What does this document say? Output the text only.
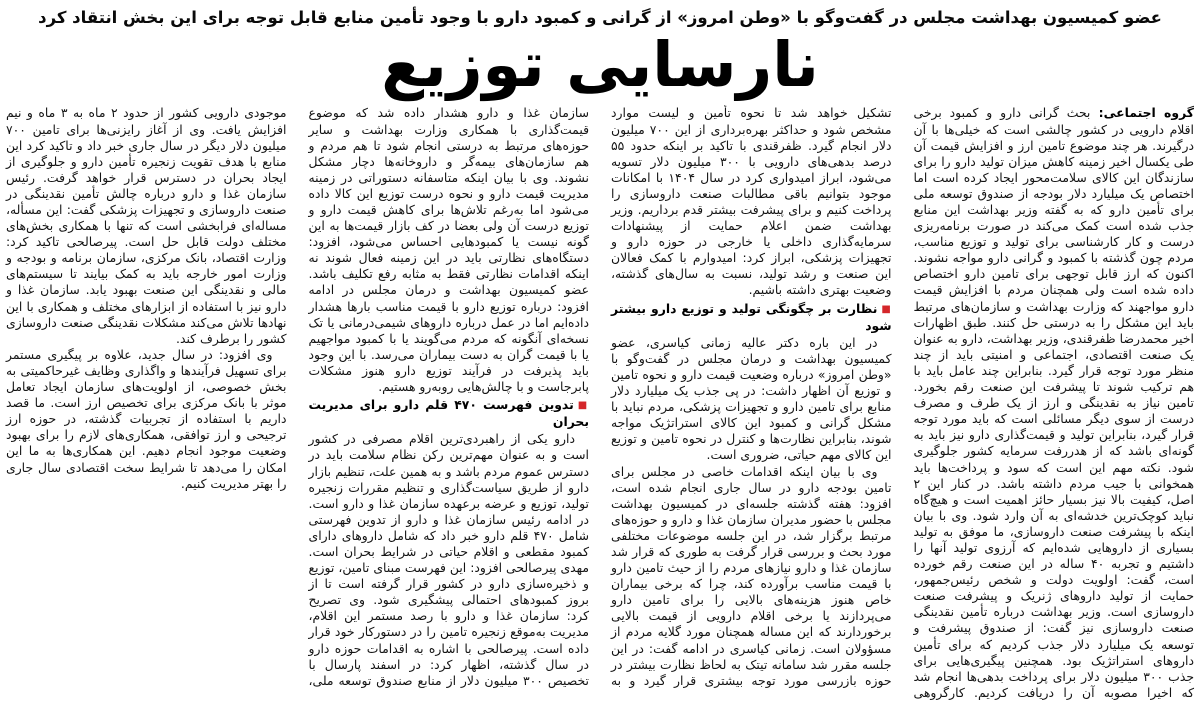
عضو کمیسیون بهداشت مجلس در گفت‌وگو با «وطن امروز» از گرانی و کمبود دارو با وجود تأمین منابع قابل توجه برای این بخش انتقاد کرد
نارسایی توزیع

گروه اجتماعی: بحث گرانی دارو و کمبود برخی اقلام دارویی در کشور چالشی است که خیلی‌ها با آن درگیرند. هر چند موضوع تامین ارز و افزایش قیمت آن طی یکسال اخیر زمینه کاهش میزان تولید دارو را برای سازندگان این کالای سلامت‌محور ایجاد کرده است اما اختصاص یک میلیارد دلار بودجه از صندوق توسعه ملی برای تأمین دارو که به گفته وزیر بهداشت این منابع جذب شده است کمک می‌کند در صورت برنامه‌ریزی درست و کار کارشناسی برای تولید و توزیع مناسب، مردم چون گذشته با کمبود و گرانی دارو مواجه نشوند. اکنون که ارز قابل توجهی برای تامین دارو اختصاص داده شده است ولی همچنان مردم با افزایش قیمت دارو مواجهند که وزارت بهداشت و سازمان‌های مرتبط باید این مشکل را به درستی حل کنند. طبق اظهارات اخیر محمدرضا ظفرقندی، وزیر بهداشت، دارو به عنوان یک صنعت اقتصادی، اجتماعی و امنیتی باید از چند منظر مورد توجه قرار گیرد. بنابراین چند عامل باید با هم ترکیب شوند تا پیشرفت این صنعت رقم بخورد. تامین نیاز به نقدینگی و ارز از یک طرف و مصرف درست از سوی دیگر مسائلی است که باید مورد توجه قرار گیرد، بنابراین تولید و قیمت‌گذاری دارو نیز باید به گونه‌ای باشد که از هدررفت سرمایه کشور جلوگیری شود. نکته مهم این است که سود و پرداخت‌ها باید همخوانی با جیب مردم داشته باشد. در کنار این ۲ اصل، کیفیت بالا نیز بسیار حائز اهمیت است و هیچ‌گاه نباید کوچک‌ترین خدشه‌ای به آن وارد شود. وی با بیان اینکه با پیشرفت صنعت داروسازی، ما موفق به تولید بسیاری از داروهایی شده‌ایم که آرزوی تولید آنها را داشتیم و تجربه ۴۰ ساله در این صنعت رقم خورده است، گفت: اولویت دولت و شخص رئیس‌جمهور، حمایت از تولید داروهای ژنریک و پیشرفت صنعت داروسازی است. وزیر بهداشت درباره تأمین نقدینگی صنعت داروسازی نیز گفت: از صندوق پیشرفت و توسعه یک میلیارد دلار جذب کردیم که برای تأمین داروهای استراتژیک بود. همچنین پیگیری‌هایی برای جذب ۳۰۰ میلیون دلار برای پرداخت بدهی‌ها انجام شد که اخیرا مصوبه آن را دریافت کردیم. کارگروهی تشکیل خواهد شد تا نحوه تأمین و لیست موارد مشخص شود و حداکثر بهره‌برداری از این ۷۰۰ میلیون دلار انجام گیرد. ظفرقندی با تاکید بر اینکه حدود ۵۵ درصد بدهی‌های دارویی با ۳۰۰ میلیون دلار تسویه می‌شود، ابراز امیدواری کرد در سال ۱۴۰۴ با امکانات موجود بتوانیم باقی مطالبات صنعت داروسازی را پرداخت کنیم و برای پیشرفت بیشتر قدم برداریم. وزیر بهداشت ضمن اعلام حمایت از پیشنهادات سرمایه‌گذاری داخلی یا خارجی در حوزه دارو و تجهیزات پزشکی، ابراز کرد: امیدوارم با کمک فعالان این صنعت و رشد تولید، نسبت به سال‌های گذشته، وضعیت بهتری داشته باشیم.

■نظارت بر چگونگی تولید و توزیع دارو بیشتر شود

در این باره دکتر عالیه زمانی کیاسری، عضو کمیسیون بهداشت و درمان مجلس در گفت‌وگو با «وطن امروز» درباره وضعیت قیمت دارو و نحوه تامین و توزیع آن اظهار داشت: در پی جذب یک میلیارد دلار منابع برای تامین دارو و تجهیزات پزشکی، مردم نباید با مشکل گرانی و کمبود این کالای استراتژیک مواجه شوند، بنابراین نظارت‌ها و کنترل در نحوه تامین و توزیع این کالای مهم حیاتی، ضروری است.

وی با بیان اینکه اقدامات خاصی در مجلس برای تامین بودجه دارو در سال جاری انجام شده است، افزود: هفته گذشته جلسه‌ای در کمیسیون بهداشت مجلس با حضور مدیران سازمان غذا و دارو و حوزه‌های مرتبط برگزار شد، در این جلسه موضوعات مختلفی مورد بحث و بررسی قرار گرفت به طوری که قرار شد سازمان غذا و دارو نیازهای مردم را از حیث تامین دارو با قیمت مناسب برآورده کند، چرا که برخی بیماران خاص هنوز هزینه‌های بالایی را برای تامین دارو می‌پردازند یا برخی اقلام دارویی از قیمت بالایی برخوردارند که این مساله همچنان مورد گلایه مردم از مسؤولان است. زمانی کیاسری در ادامه گفت: در این جلسه مقرر شد سامانه تیتک به لحاظ نظارت بیشتر در حوزه بازرسی مورد توجه بیشتری قرار گیرد و به سازمان غذا و دارو هشدار داده شد که موضوع قیمت‌گذاری با همکاری وزارت بهداشت و سایر حوزه‌های مرتبط به درستی انجام شود تا هم مردم و هم سازمان‌های بیمه‌گر و داروخانه‌ها دچار مشکل نشوند. وی با بیان اینکه متاسفانه دستوراتی در زمینه مدیریت قیمت دارو و نحوه درست توزیع این کالا داده می‌شود اما به‌رغم تلاش‌ها برای کاهش قیمت دارو و توزیع درست آن ولی بعضا در کف بازار قیمت‌ها به این گونه نیست یا کمبودهایی احساس می‌شود، افزود: دستگاه‌های نظارتی باید در این زمینه فعال شوند نه اینکه اقدامات نظارتی فقط به مثابه رفع تکلیف باشد. عضو کمیسیون بهداشت و درمان مجلس در ادامه افزود: درباره توزیع دارو با قیمت مناسب بارها هشدار داده‌ایم اما در عمل درباره داروهای شیمی‌درمانی یا تک نسخه‌ای آنگونه که مردم می‌گویند یا با کمبود مواجهیم یا با قیمت گران به دست بیماران می‌رسد. با این وجود باید پذیرفت در فرآیند توزیع دارو هنوز مشکلات پابرجاست و با چالش‌هایی روبه‌رو هستیم.

■تدوین فهرست ۴۷۰ قلم دارو برای مدیریت بحران

دارو یکی از راهبردی‌ترین اقلام مصرفی در کشور است و به عنوان مهم‌ترین رکن نظام سلامت باید در دسترس عموم مردم باشد و به همین علت، تنظیم بازار دارو از طریق سیاست‌گذاری و تنظیم مقررات زنجیره تولید، توزیع و عرضه برعهده سازمان غذا و دارو است. در ادامه رئیس سازمان غذا و دارو از تدوین فهرستی شامل ۴۷۰ قلم دارو خبر داد که شامل داروهای دارای کمبود مقطعی و اقلام حیاتی در شرایط بحران است. مهدی پیرصالحی افزود: این فهرست مبنای تامین، توزیع و ذخیره‌سازی دارو در کشور قرار گرفته است تا از بروز کمبودهای احتمالی پیشگیری شود. وی تصریح کرد: سازمان غذا و دارو با رصد مستمر این اقلام، مدیریت به‌موقع زنجیره تامین را در دستورکار خود قرار داده است. پیرصالحی با اشاره به اقدامات حوزه دارو در سال گذشته، اظهار کرد: در اسفند پارسال با تخصیص ۳۰۰ میلیون دلار از منابع صندوق توسعه ملی، موجودی دارویی کشور از حدود ۲ ماه به ۳ ماه و نیم افزایش یافت. وی از آغاز رایزنی‌ها برای تامین ۷۰۰ میلیون دلار دیگر در سال جاری خبر داد و تاکید کرد این منابع با هدف تقویت زنجیره تأمین دارو و جلوگیری از ایجاد بحران در دسترس قرار خواهد گرفت. رئیس سازمان غذا و دارو درباره چالش تأمین نقدینگی در صنعت داروسازی و تجهیزات پزشکی گفت: این مسأله، مساله‌ای فرابخشی است که تنها با همکاری بخش‌های مختلف دولت قابل حل است. پیرصالحی تاکید کرد: وزارت اقتصاد، بانک مرکزی، سازمان برنامه و بودجه و وزارت امور خارجه باید به کمک بیایند تا سیستم‌های مالی و نقدینگی این صنعت بهبود یابد. سازمان غذا و دارو نیز با استفاده از ابزارهای مختلف و همکاری با این نهادها تلاش می‌کند مشکلات نقدینگی صنعت داروسازی کشور را برطرف کند.

وی افزود: در سال جدید، علاوه بر پیگیری مستمر برای تسهیل فرآیندها و واگذاری وظایف غیرحاکمیتی به بخش خصوصی، از اولویت‌های سازمان ایجاد تعامل موثر با بانک مرکزی برای تخصیص ارز است. ما قصد داریم با استفاده از تجربیات گذشته، در حوزه ارز ترجیحی و ارز توافقی، همکاری‌های لازم را برای بهبود وضعیت موجود انجام دهیم. این همکاری‌ها به ما این امکان را می‌دهد تا شرایط سخت اقتصادی سال جاری را بهتر مدیریت کنیم.
